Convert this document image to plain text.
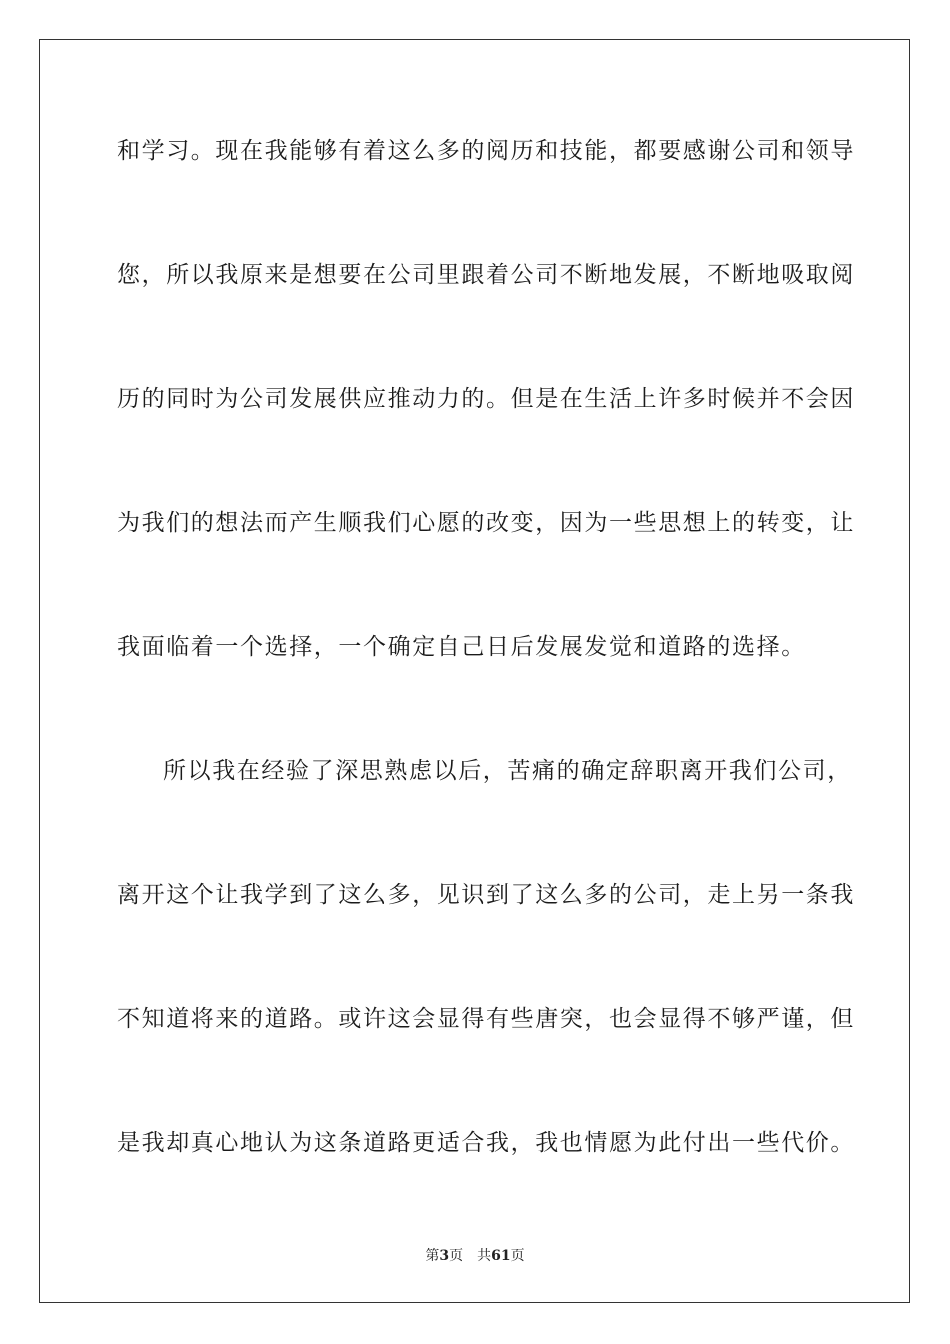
和学习。现在我能够有着这么多的阅历和技能，都要感谢公司和领导
您，所以我原来是想要在公司里跟着公司不断地发展，不断地吸取阅
历的同时为公司发展供应推动力的。但是在生活上许多时候并不会因
为我们的想法而产生顺我们心愿的改变，因为一些思想上的转变，让
我面临着一个选择，一个确定自己日后发展发觉和道路的选择。
所以我在经验了深思熟虑以后，苦痛的确定辞职离开我们公司，
离开这个让我学到了这么多，见识到了这么多的公司，走上另一条我
不知道将来的道路。或许这会显得有些唐突，也会显得不够严谨，但
是我却真心地认为这条道路更适合我，我也情愿为此付出一些代价。
第3页 共61页
